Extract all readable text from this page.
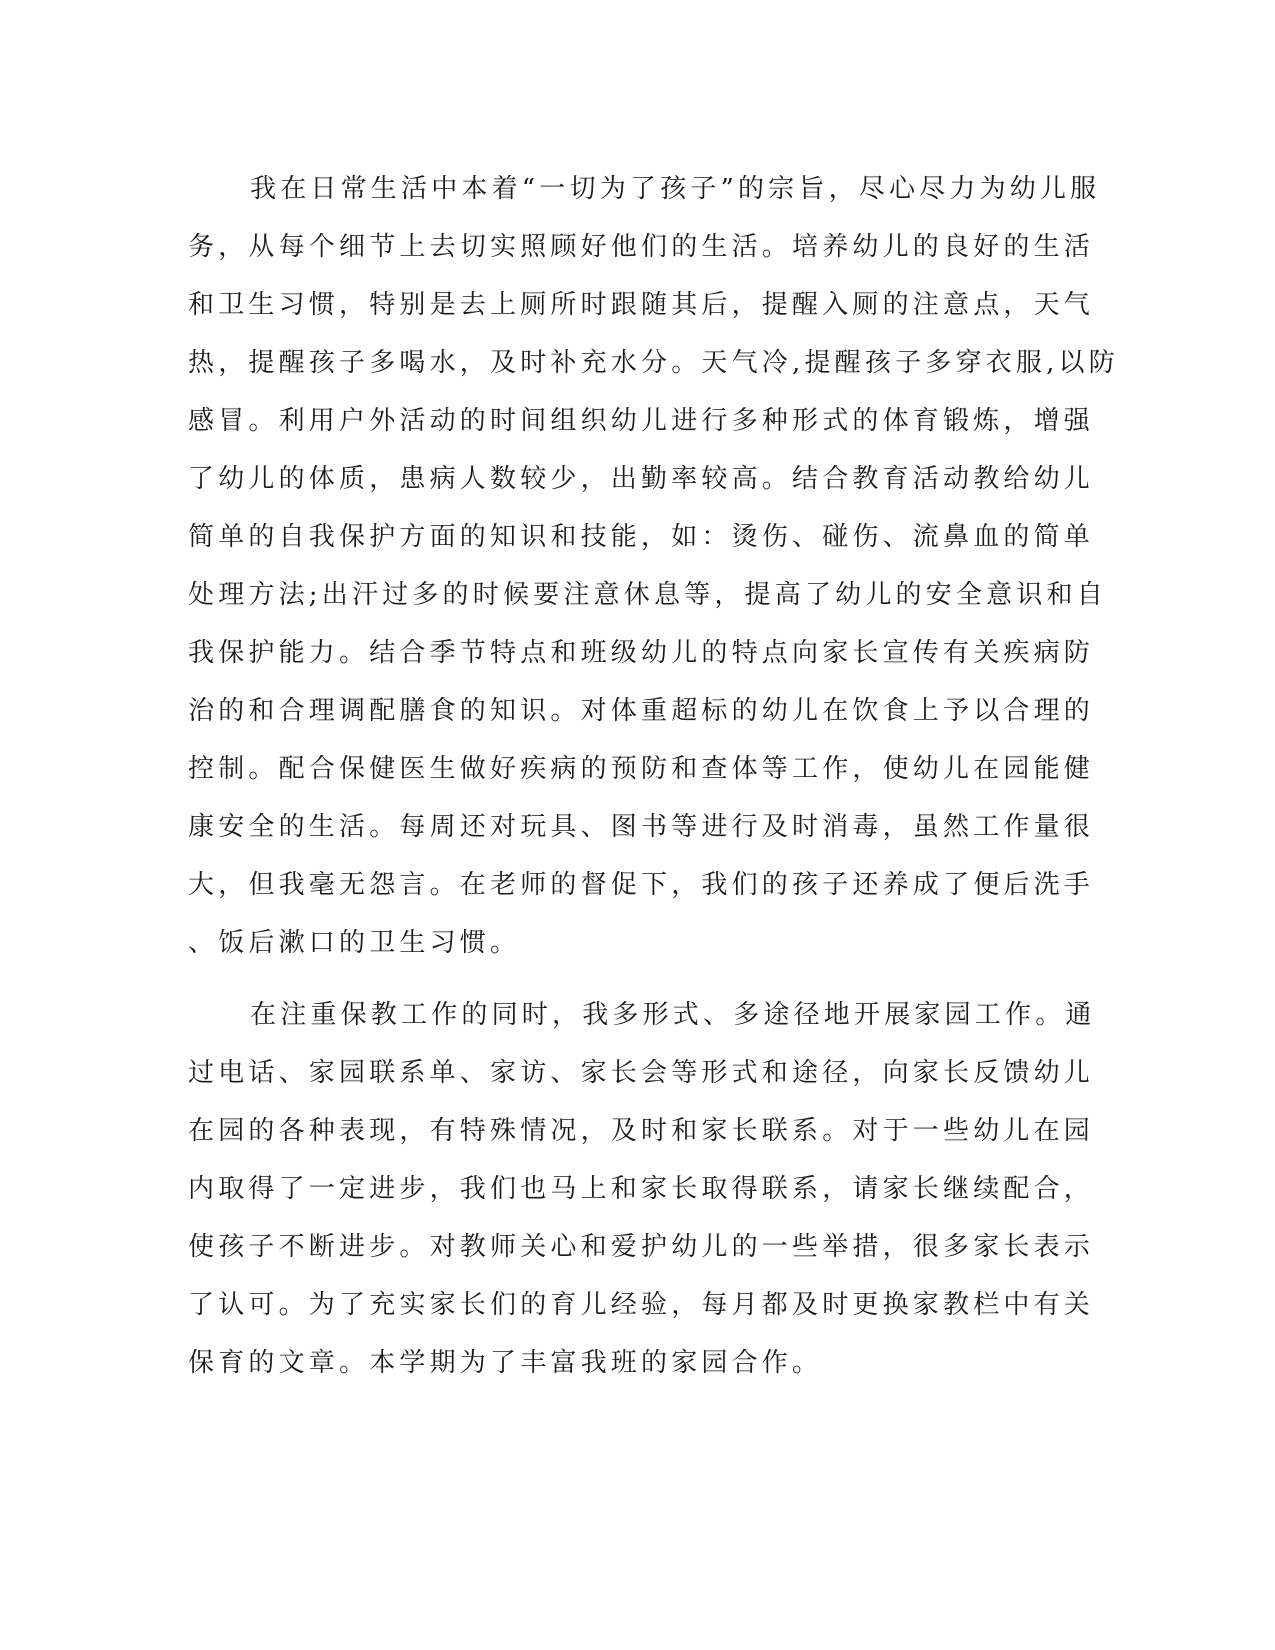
我在日常生活中本着“一切为了孩子”的宗旨，尽心尽力为幼儿服
务，从每个细节上去切实照顾好他们的生活。培养幼儿的良好的生活
和卫生习惯，特别是去上厕所时跟随其后，提醒入厕的注意点，天气
热，提醒孩子多喝水，及时补充水分。天气冷,提醒孩子多穿衣服,以防
感冒。利用户外活动的时间组织幼儿进行多种形式的体育锻炼，增强
了幼儿的体质，患病人数较少，出勤率较高。结合教育活动教给幼儿
简单的自我保护方面的知识和技能，如：烫伤、碰伤、流鼻血的简单
处理方法;出汗过多的时候要注意休息等，提高了幼儿的安全意识和自
我保护能力。结合季节特点和班级幼儿的特点向家长宣传有关疾病防
治的和合理调配膳食的知识。对体重超标的幼儿在饮食上予以合理的
控制。配合保健医生做好疾病的预防和查体等工作，使幼儿在园能健
康安全的生活。每周还对玩具、图书等进行及时消毒，虽然工作量很
大，但我毫无怨言。在老师的督促下，我们的孩子还养成了便后洗手
、饭后漱口的卫生习惯。
在注重保教工作的同时，我多形式、多途径地开展家园工作。通
过电话、家园联系单、家访、家长会等形式和途径，向家长反馈幼儿
在园的各种表现，有特殊情况，及时和家长联系。对于一些幼儿在园
内取得了一定进步，我们也马上和家长取得联系，请家长继续配合，
使孩子不断进步。对教师关心和爱护幼儿的一些举措，很多家长表示
了认可。为了充实家长们的育儿经验，每月都及时更换家教栏中有关
保育的文章。本学期为了丰富我班的家园合作。
